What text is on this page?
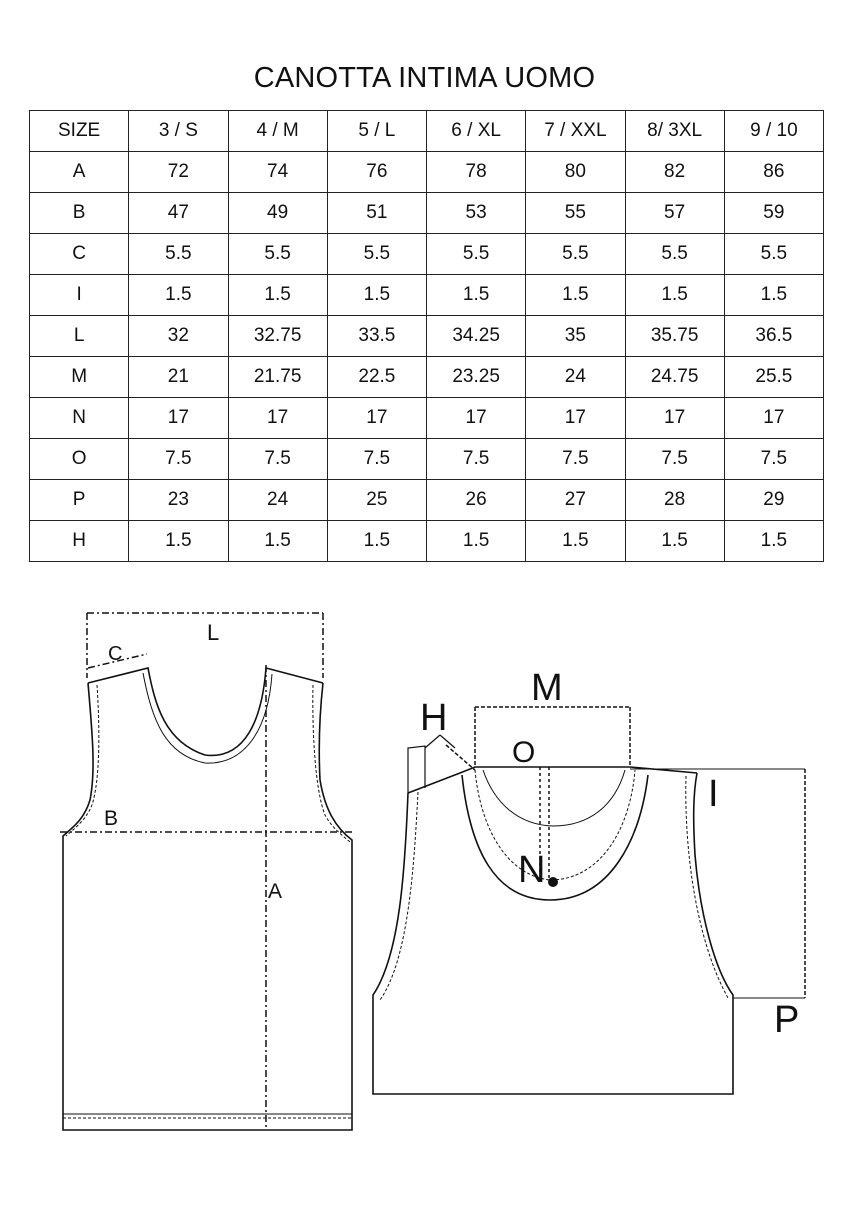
CANOTTA INTIMA UOMO
SIZE	3 / S	4 / M	5 / L	6 / XL	7 / XXL	8/ 3XL	9 / 10
A	72	74	76	78	80	82	86
B	47	49	51	53	55	57	59
C	5.5	5.5	5.5	5.5	5.5	5.5	5.5
I	1.5	1.5	1.5	1.5	1.5	1.5	1.5
L	32	32.75	33.5	34.25	35	35.75	36.5
M	21	21.75	22.5	23.25	24	24.75	25.5
N	17	17	17	17	17	17	17
O	7.5	7.5	7.5	7.5	7.5	7.5	7.5
P	23	24	25	26	27	28	29
H	1.5	1.5	1.5	1.5	1.5	1.5	1.5
L
C
B
A
M
H
O
I
N
P
